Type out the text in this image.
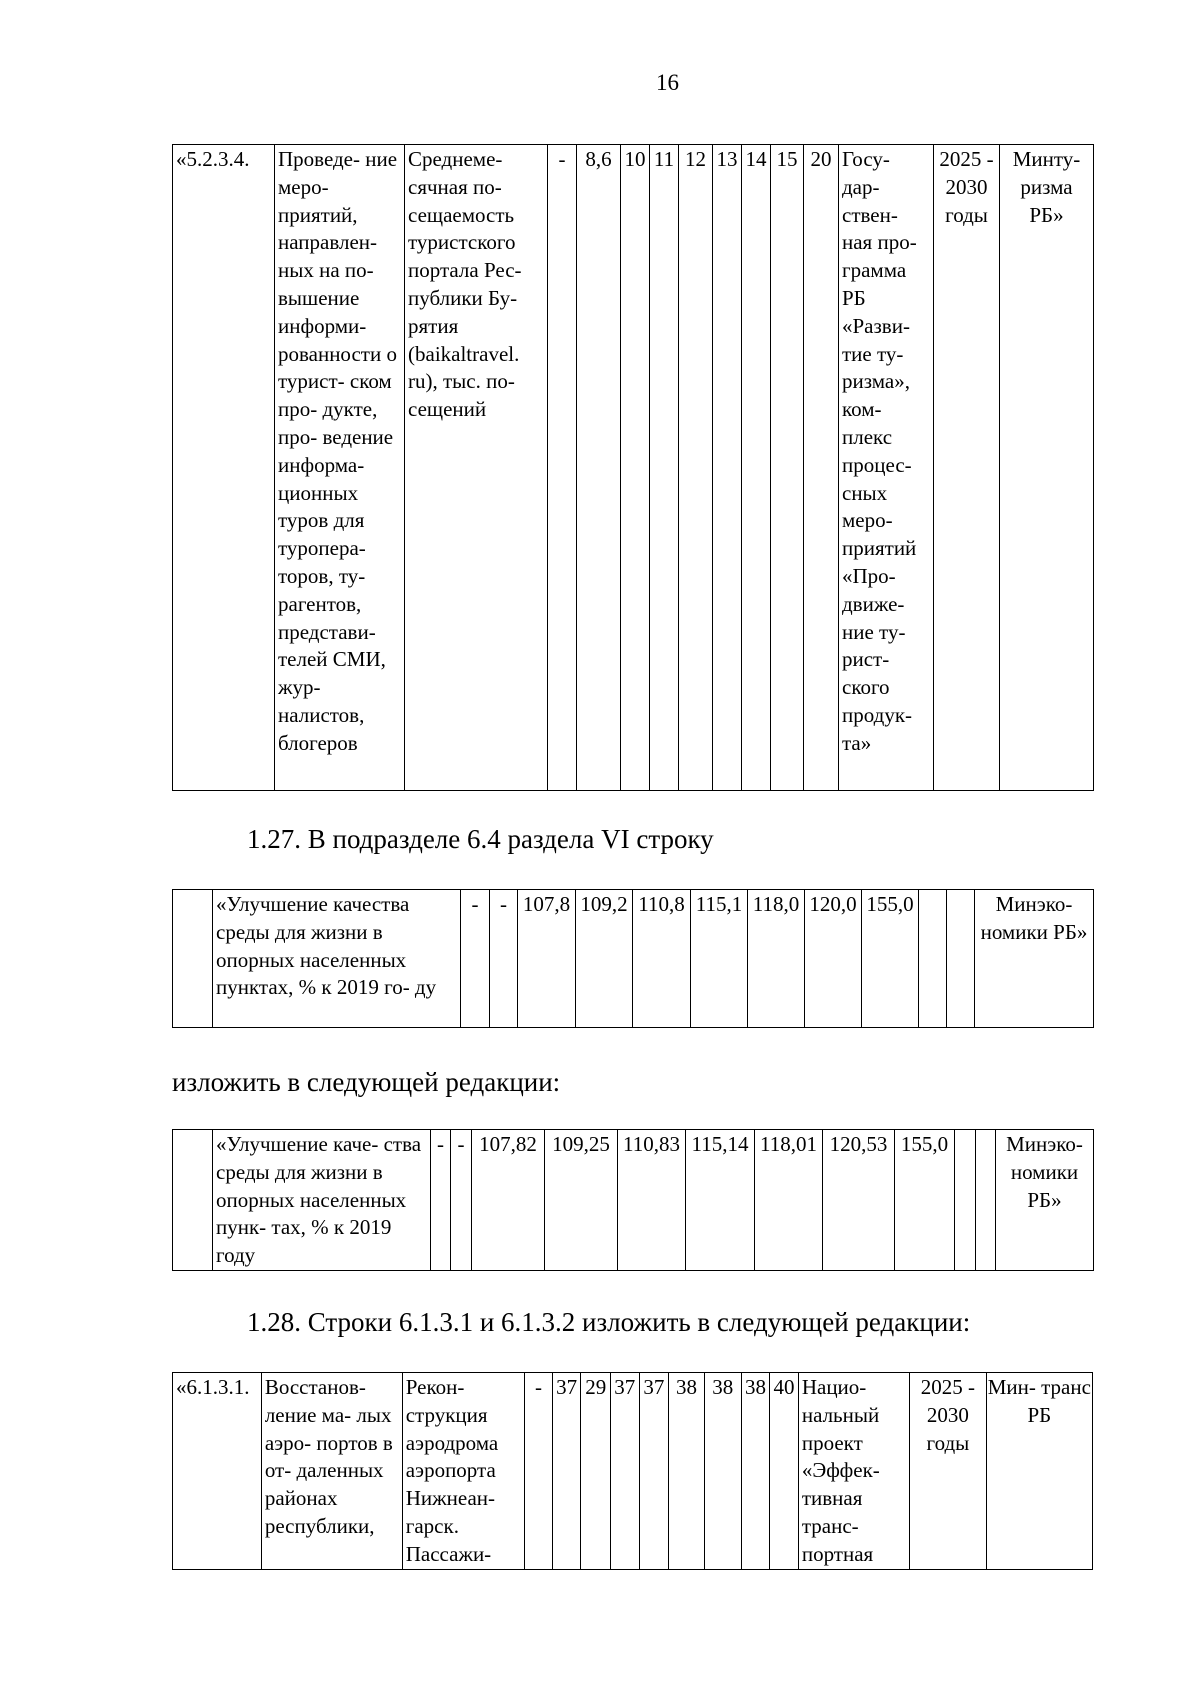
16
«5.2.3.4.	Проведе- ние меро- приятий, направлен- ных на по- вышение информи- рованности о турист- ском про- дукте, про- ведение информа- ционных туров для туропера- торов, ту- рагентов, представи- телей СМИ, жур- налистов, блогеров	Среднеме- сячная по- сещаемость туристского портала Рес- публики Бу- рятия (baikaltravel. ru), тыс. по- сещений	-	8,6	10	11	12	13	14	15	20	Госу- дар- ствен- ная про- грамма РБ «Разви- тие ту- ризма», ком- плекс процес- сных меро- приятий «Про- движе- ние ту- рист- ского продук- та»	2025 - 2030 годы	Минту- ризма РБ»
1.27. В подразделе 6.4 раздела VI строку
	«Улучшение качества среды для жизни в опорных населенных пунктах, % к 2019 го- ду	-	-	107,8	109,2	110,8	115,1	118,0	120,0	155,0			Минэко- номики РБ»
изложить в следующей редакции:
	«Улучшение каче- ства среды для жизни в опорных населенных пунк- тах, % к 2019 году	-	-	107,82	109,25	110,83	115,14	118,01	120,53	155,0			Минэко- номики РБ»
1.28. Строки 6.1.3.1 и 6.1.3.2 изложить в следующей редакции:
«6.1.3.1.	Восстанов- ление ма- лых аэро- портов в от- даленных районах республики,	Рекон- струкция аэродрома аэропорта Нижнеан- гарск. Пассажи-	-	37	29	37	37	38	38	38	40	Нацио- нальный проект «Эффек- тивная транс- портная	2025 - 2030 годы	Мин- транс РБ
